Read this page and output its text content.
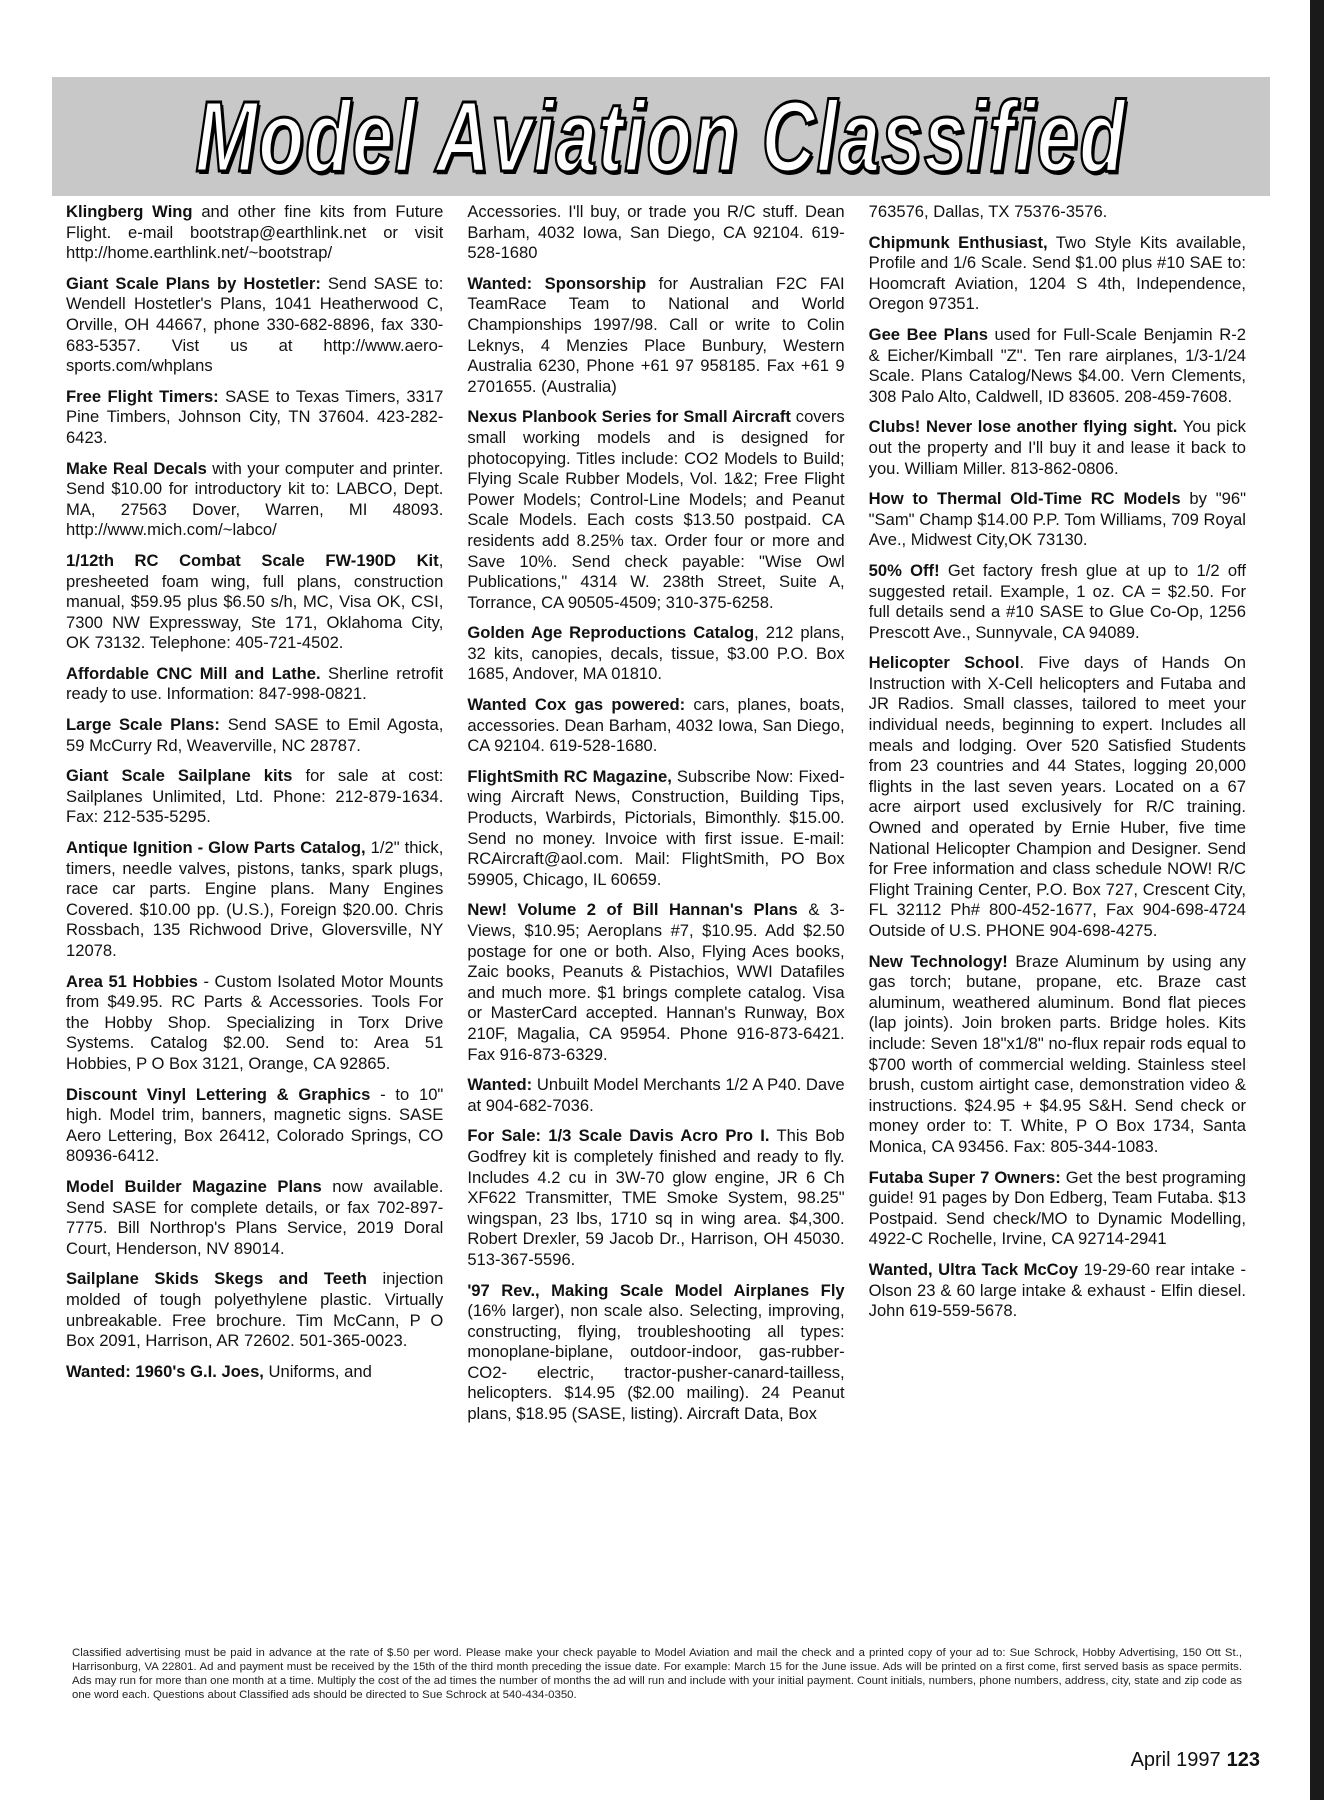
Model Aviation Classified

Klingberg Wing and other fine kits from Future Flight. e-mail bootstrap@earthlink.net or visit http://home.earthlink.net/~bootstrap/

Giant Scale Plans by Hostetler: Send SASE to: Wendell Hostetler's Plans, 1041 Heatherwood C, Orville, OH 44667, phone 330-682-8896, fax 330-683-5357. Vist us at http://www.aero-sports.com/whplans

Free Flight Timers: SASE to Texas Timers, 3317 Pine Timbers, Johnson City, TN 37604. 423-282-6423.

Make Real Decals with your computer and printer. Send $10.00 for introductory kit to: LABCO, Dept. MA, 27563 Dover, Warren, MI 48093. http://www.mich.com/~labco/

1/12th RC Combat Scale FW-190D Kit, presheeted foam wing, full plans, construction manual, $59.95 plus $6.50 s/h, MC, Visa OK, CSI, 7300 NW Expressway, Ste 171, Oklahoma City, OK 73132. Telephone: 405-721-4502.

Affordable CNC Mill and Lathe. Sherline retrofit ready to use. Information: 847-998-0821.

Large Scale Plans: Send SASE to Emil Agosta, 59 McCurry Rd, Weaverville, NC 28787.

Giant Scale Sailplane kits for sale at cost: Sailplanes Unlimited, Ltd. Phone: 212-879-1634. Fax: 212-535-5295.

Antique Ignition - Glow Parts Catalog, 1/2" thick, timers, needle valves, pistons, tanks, spark plugs, race car parts. Engine plans. Many Engines Covered. $10.00 pp. (U.S.), Foreign $20.00. Chris Rossbach, 135 Richwood Drive, Gloversville, NY 12078.

Area 51 Hobbies - Custom Isolated Motor Mounts from $49.95. RC Parts & Accessories. Tools For the Hobby Shop. Specializing in Torx Drive Systems. Catalog $2.00. Send to: Area 51 Hobbies, P O Box 3121, Orange, CA 92865.

Discount Vinyl Lettering & Graphics - to 10" high. Model trim, banners, magnetic signs. SASE Aero Lettering, Box 26412, Colorado Springs, CO 80936-6412.

Model Builder Magazine Plans now available. Send SASE for complete details, or fax 702-897-7775. Bill Northrop's Plans Service, 2019 Doral Court, Henderson, NV 89014.

Sailplane Skids Skegs and Teeth injection molded of tough polyethylene plastic. Virtually unbreakable. Free brochure. Tim McCann, P O Box 2091, Harrison, AR 72602. 501-365-0023.

Wanted: 1960's G.I. Joes, Uniforms, and

Accessories. I'll buy, or trade you R/C stuff. Dean Barham, 4032 Iowa, San Diego, CA 92104. 619-528-1680

Wanted: Sponsorship for Australian F2C FAI TeamRace Team to National and World Championships 1997/98. Call or write to Colin Leknys, 4 Menzies Place Bunbury, Western Australia 6230, Phone +61 97 958185. Fax +61 9 2701655. (Australia)

Nexus Planbook Series for Small Aircraft covers small working models and is designed for photocopying. Titles include: CO2 Models to Build; Flying Scale Rubber Models, Vol. 1&2; Free Flight Power Models; Control-Line Models; and Peanut Scale Models. Each costs $13.50 postpaid. CA residents add 8.25% tax. Order four or more and Save 10%. Send check payable: "Wise Owl Publications," 4314 W. 238th Street, Suite A, Torrance, CA 90505-4509; 310-375-6258.

Golden Age Reproductions Catalog, 212 plans, 32 kits, canopies, decals, tissue, $3.00 P.O. Box 1685, Andover, MA 01810.

Wanted Cox gas powered: cars, planes, boats, accessories. Dean Barham, 4032 Iowa, San Diego, CA 92104. 619-528-1680.

FlightSmith RC Magazine, Subscribe Now: Fixed-wing Aircraft News, Construction, Building Tips, Products, Warbirds, Pictorials, Bimonthly. $15.00. Send no money. Invoice with first issue. E-mail: RCAircraft@aol.com. Mail: FlightSmith, PO Box 59905, Chicago, IL 60659.

New! Volume 2 of Bill Hannan's Plans & 3-Views, $10.95; Aeroplans #7, $10.95. Add $2.50 postage for one or both. Also, Flying Aces books, Zaic books, Peanuts & Pistachios, WWI Datafiles and much more. $1 brings complete catalog. Visa or MasterCard accepted. Hannan's Runway, Box 210F, Magalia, CA 95954. Phone 916-873-6421. Fax 916-873-6329.

Wanted: Unbuilt Model Merchants 1/2 A P40. Dave at 904-682-7036.

For Sale: 1/3 Scale Davis Acro Pro I. This Bob Godfrey kit is completely finished and ready to fly. Includes 4.2 cu in 3W-70 glow engine, JR 6 Ch XF622 Transmitter, TME Smoke System, 98.25" wingspan, 23 lbs, 1710 sq in wing area. $4,300. Robert Drexler, 59 Jacob Dr., Harrison, OH 45030. 513-367-5596.

'97 Rev., Making Scale Model Airplanes Fly (16% larger), non scale also. Selecting, improving, constructing, flying, troubleshooting all types: monoplane-biplane, outdoor-indoor, gas-rubber-CO2- electric, tractor-pusher-canard-tailless, helicopters. $14.95 ($2.00 mailing). 24 Peanut plans, $18.95 (SASE, listing). Aircraft Data, Box

763576, Dallas, TX 75376-3576.

Chipmunk Enthusiast, Two Style Kits available, Profile and 1/6 Scale. Send $1.00 plus #10 SAE to: Hoomcraft Aviation, 1204 S 4th, Independence, Oregon 97351.

Gee Bee Plans used for Full-Scale Benjamin R-2 & Eicher/Kimball "Z". Ten rare airplanes, 1/3-1/24 Scale. Plans Catalog/News $4.00. Vern Clements, 308 Palo Alto, Caldwell, ID 83605. 208-459-7608.

Clubs! Never lose another flying sight. You pick out the property and I'll buy it and lease it back to you. William Miller. 813-862-0806.

How to Thermal Old-Time RC Models by "96" "Sam" Champ $14.00 P.P. Tom Williams, 709 Royal Ave., Midwest City,OK 73130.

50% Off! Get factory fresh glue at up to 1/2 off suggested retail. Example, 1 oz. CA = $2.50. For full details send a #10 SASE to Glue Co-Op, 1256 Prescott Ave., Sunnyvale, CA 94089.

Helicopter School. Five days of Hands On Instruction with X-Cell helicopters and Futaba and JR Radios. Small classes, tailored to meet your individual needs, beginning to expert. Includes all meals and lodging. Over 520 Satisfied Students from 23 countries and 44 States, logging 20,000 flights in the last seven years. Located on a 67 acre airport used exclusively for R/C training. Owned and operated by Ernie Huber, five time National Helicopter Champion and Designer. Send for Free information and class schedule NOW! R/C Flight Training Center, P.O. Box 727, Crescent City, FL 32112 Ph# 800-452-1677, Fax 904-698-4724 Outside of U.S. PHONE 904-698-4275.

New Technology! Braze Aluminum by using any gas torch; butane, propane, etc. Braze cast aluminum, weathered aluminum. Bond flat pieces (lap joints). Join broken parts. Bridge holes. Kits include: Seven 18"x1/8" no-flux repair rods equal to $700 worth of commercial welding. Stainless steel brush, custom airtight case, demonstration video & instructions. $24.95 + $4.95 S&H. Send check or money order to: T. White, P O Box 1734, Santa Monica, CA 93456. Fax: 805-344-1083.

Futaba Super 7 Owners: Get the best programing guide! 91 pages by Don Edberg, Team Futaba. $13 Postpaid. Send check/MO to Dynamic Modelling, 4922-C Rochelle, Irvine, CA 92714-2941

Wanted, Ultra Tack McCoy 19-29-60 rear intake - Olson 23 & 60 large intake & exhaust - Elfin diesel. John 619-559-5678.

Classified advertising must be paid in advance at the rate of $.50 per word. Please make your check payable to Model Aviation and mail the check and a printed copy of your ad to: Sue Schrock, Hobby Advertising, 150 Ott St., Harrisonburg, VA 22801. Ad and payment must be received by the 15th of the third month preceding the issue date. For example: March 15 for the June issue. Ads will be printed on a first come, first served basis as space permits. Ads may run for more than one month at a time. Multiply the cost of the ad times the number of months the ad will run and include with your initial payment. Count initials, numbers, phone numbers, address, city, state and zip code as one word each. Questions about Classified ads should be directed to Sue Schrock at 540-434-0350.
April 1997 123
